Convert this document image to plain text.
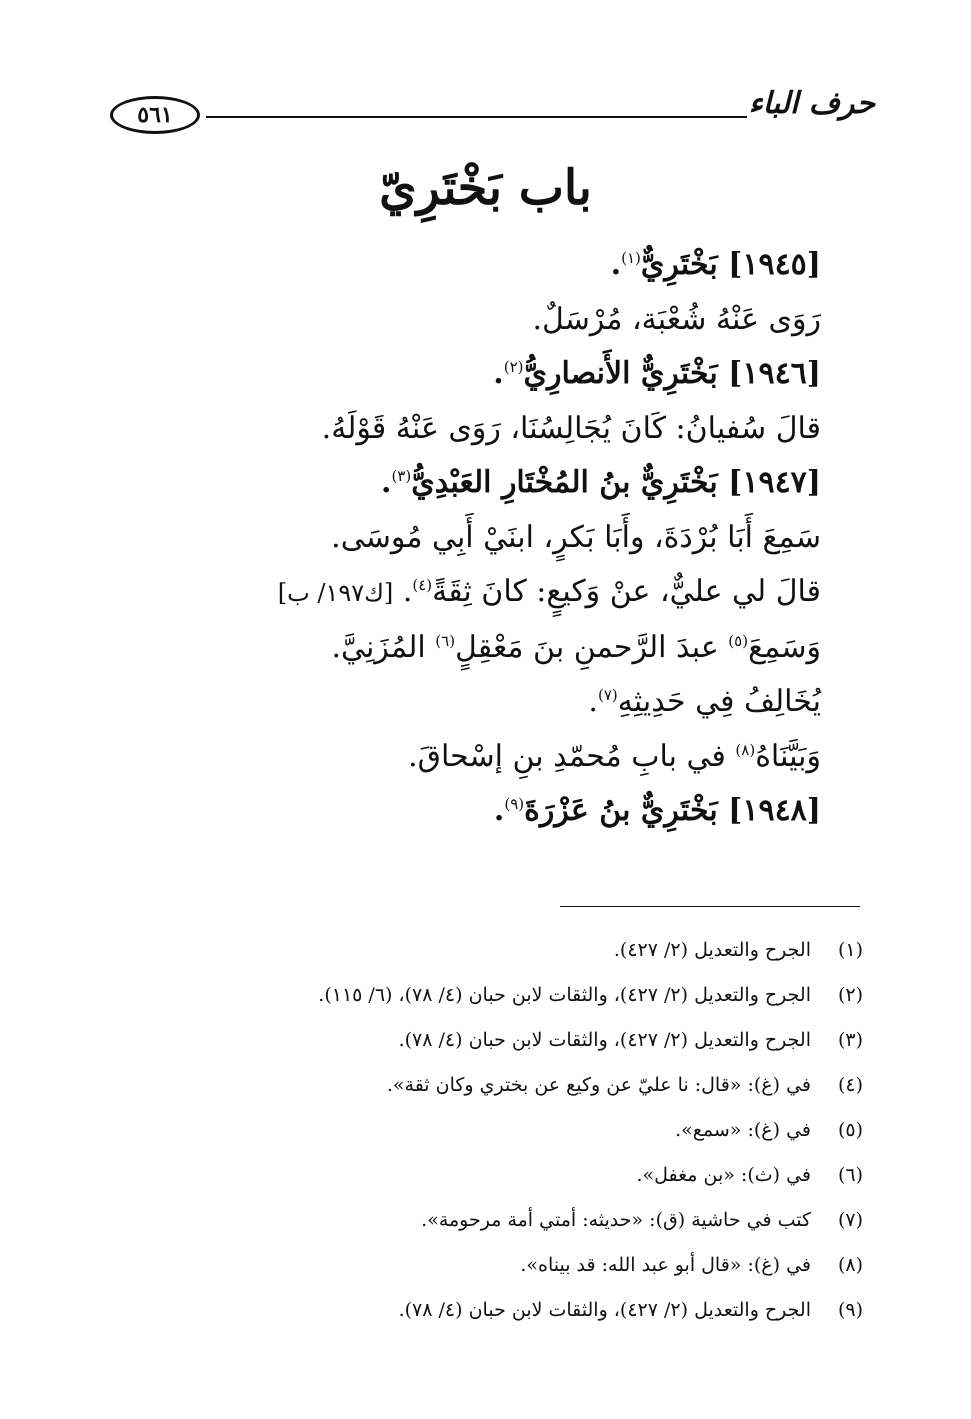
٥٦١	حرف الباء
باب بَخْتَرِيّ
[١٩٤٥] بَخْتَرِيٌّ$^{(١)}$.
رَوَى عَنْهُ شُعْبَة، مُرْسَلٌ.
[١٩٤٦] بَخْتَرِيٌّ الأَنصارِيُّ$^{(٢)}$.
قالَ سُفيانُ: كَانَ يُجَالِسُنَا، رَوَى عَنْهُ قَوْلَهُ.
[١٩٤٧] بَخْتَرِيٌّ بنُ المُخْتَارِ العَبْدِيُّ$^{(٣)}$.
سَمِعَ أَبَا بُرْدَةَ، وأَبَا بَكرٍ، ابنَيْ أَبِي مُوسَى.
قالَ لي عليٌّ، عنْ وَكيعٍ: كانَ ثِقَةً$^{(٤)}$. [ك١٩٧/ ب]
وَسَمِعَ$^{(٥)}$ عبدَ الرَّحمنِ بنَ مَعْقِلٍ$^{(٦)}$ المُزَنِيَّ.
يُخَالِفُ فِي حَدِيثِهِ$^{(٧)}$.
وَبَيَّنَاهُ$^{(٨)}$ في بابِ مُحمّدِ بنِ إسْحاقَ.
[١٩٤٨] بَخْتَرِيٌّ بنُ عَزْرَةَ$^{(٩)}$.
(١)الجرح والتعديل (٢/ ٤٢٧).
(٢)الجرح والتعديل (٢/ ٤٢٧)، والثقات لابن حبان (٤/ ٧٨)، (٦/ ١١٥).
(٣)الجرح والتعديل (٢/ ٤٢٧)، والثقات لابن حبان (٤/ ٧٨).
(٤)في (غ): «قال: نا عليّ عن وكيع عن بختري وكان ثقة».
(٥)في (غ): «سمع».
(٦)في (ث): «بن مغفل».
(٧)كتب في حاشية (ق): «حديثه: أمتي أمة مرحومة».
(٨)في (غ): «قال أبو عبد الله: قد بيناه».
(٩)الجرح والتعديل (٢/ ٤٢٧)، والثقات لابن حبان (٤/ ٧٨).
